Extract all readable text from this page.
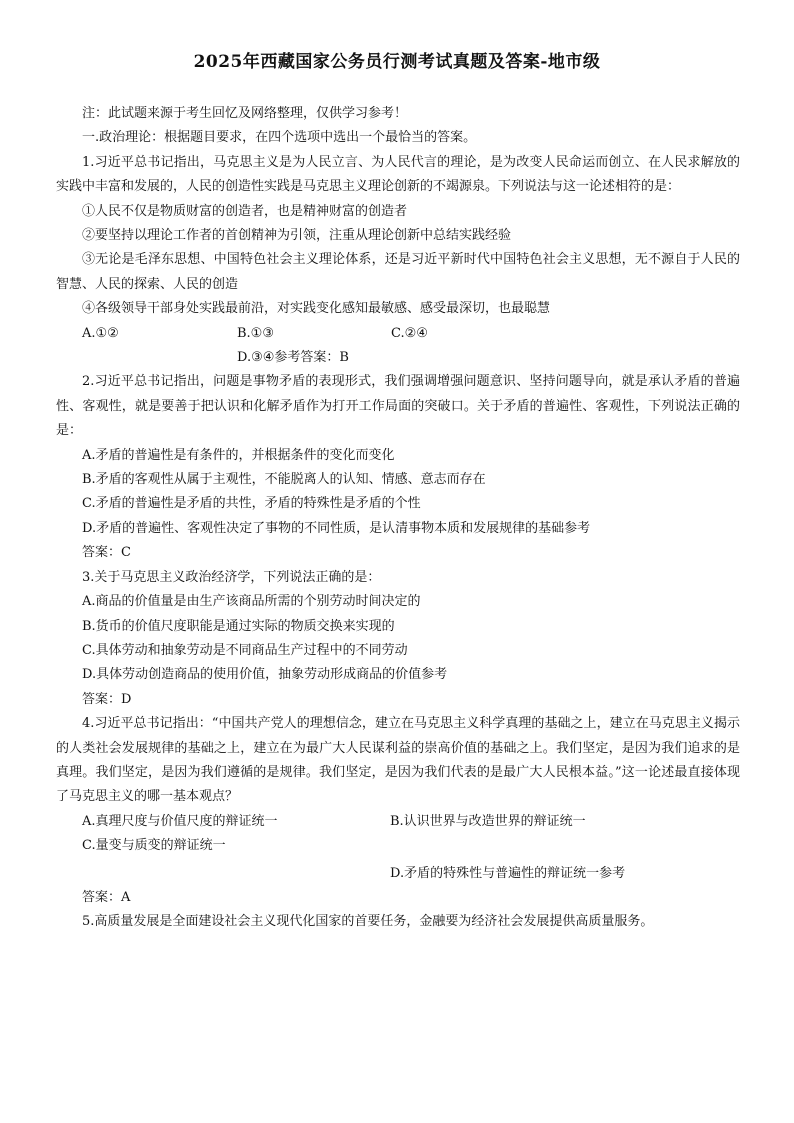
2025年西藏国家公务员行测考试真题及答案-地市级

注：此试题来源于考生回忆及网络整理，仅供学习参考！

一.政治理论：根据题目要求，在四个选项中选出一个最恰当的答案。

1.习近平总书记指出，马克思主义是为人民立言、为人民代言的理论，是为改变人民命运而创立、在人民求解放的实践中丰富和发展的，人民的创造性实践是马克思主义理论创新的不竭源泉。下列说法与这一论述相符的是：

①人民不仅是物质财富的创造者，也是精神财富的创造者

②要坚持以理论工作者的首创精神为引领，注重从理论创新中总结实践经验

③无论是毛泽东思想、中国特色社会主义理论体系，还是习近平新时代中国特色社会主义思想，无不源自于人民的智慧、人民的探索、人民的创造

④各级领导干部身处实践最前沿，对实践变化感知最敏感、感受最深切，也最聪慧

A.①②	B.①③	C.②④
D.③④参考答案：B

2.习近平总书记指出，问题是事物矛盾的表现形式，我们强调增强问题意识、坚持问题导向，就是承认矛盾的普遍性、客观性，就是要善于把认识和化解矛盾作为打开工作局面的突破口。关于矛盾的普遍性、客观性，下列说法正确的是：

A.矛盾的普遍性是有条件的，并根据条件的变化而变化

B.矛盾的客观性从属于主观性，不能脱离人的认知、情感、意志而存在

C.矛盾的普遍性是矛盾的共性，矛盾的特殊性是矛盾的个性

D.矛盾的普遍性、客观性决定了事物的不同性质，是认清事物本质和发展规律的基础参考

答案：C

3.关于马克思主义政治经济学，下列说法正确的是：

A.商品的价值量是由生产该商品所需的个别劳动时间决定的

B.货币的价值尺度职能是通过实际的物质交换来实现的

C.具体劳动和抽象劳动是不同商品生产过程中的不同劳动

D.具体劳动创造商品的使用价值，抽象劳动形成商品的价值参考

答案：D

4.习近平总书记指出：“中国共产党人的理想信念，建立在马克思主义科学真理的基础之上，建立在马克思主义揭示的人类社会发展规律的基础之上，建立在为最广大人民谋利益的崇高价值的基础之上。我们坚定，是因为我们追求的是真理。我们坚定，是因为我们遵循的是规律。我们坚定，是因为我们代表的是最广大人民根本益。”这一论述最直接体现了马克思主义的哪一基本观点？

A.真理尺度与价值尺度的辩证统一	B.认识世界与改造世界的辩证统一
C.量变与质变的辩证统一
D.矛盾的特殊性与普遍性的辩证统一参考

答案：A

5.高质量发展是全面建设社会主义现代化国家的首要任务，金融要为经济社会发展提供高质量服务。
